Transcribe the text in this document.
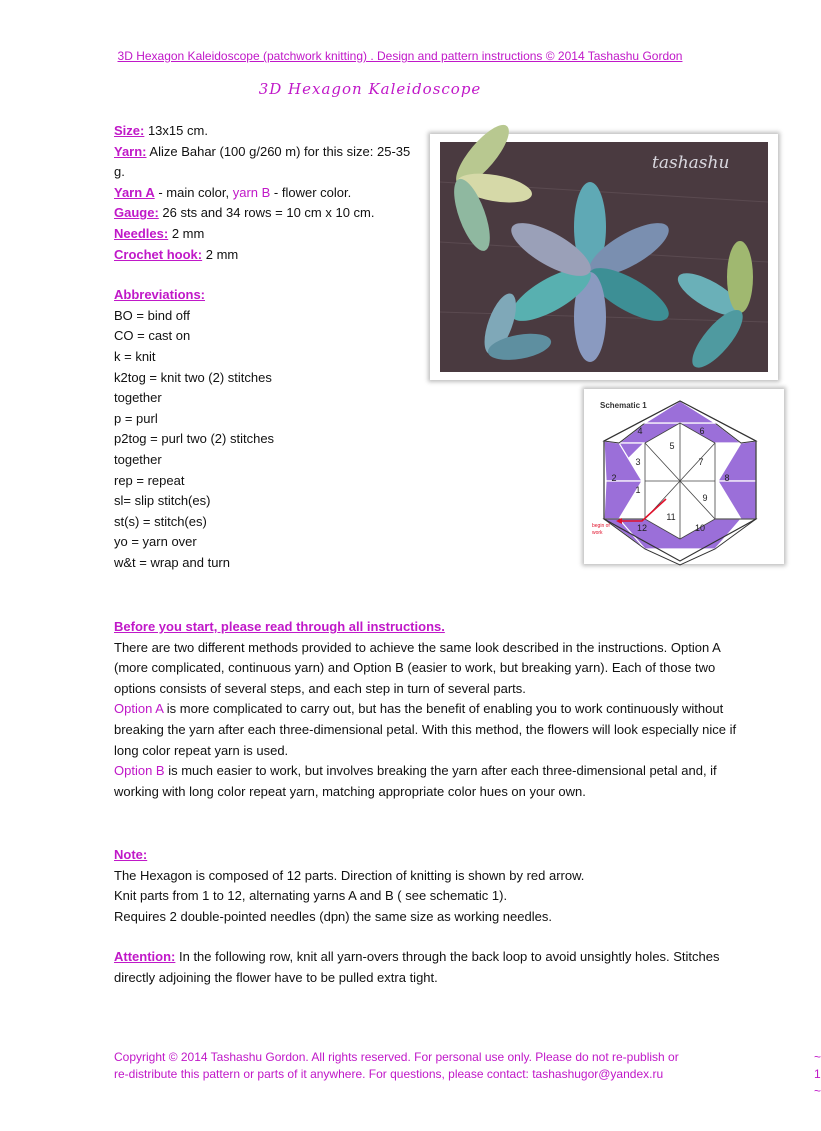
3D Hexagon Kaleidoscope (patchwork knitting) . Design and pattern instructions © 2014 Tashashu Gordon
3D Hexagon Kaleidoscope
Size: 13x15 cm.
Yarn: Alize Bahar (100 g/260 m) for this size: 25-35 g.
Yarn A - main color, yarn B - flower color.
Gauge: 26 sts and 34 rows = 10 cm x 10 cm.
Needles: 2 mm
Crochet hook: 2 mm
Abbreviations:
BO = bind off
CO = cast on
k = knit
k2tog = knit two (2) stitches together
p = purl
p2tog = purl two (2) stitches together
rep = repeat
sl= slip stitch(es)
st(s) = stitch(es)
yo = yarn over
w&t = wrap and turn
tashashu
Schematic 1
1
2
3
4
5
6
7
8
9
10
11
12
begin of
work
Before you start, please read through all instructions.
There are two different methods provided to achieve the same look described in the instructions. Option A (more complicated, continuous yarn) and Option B (easier to work, but breaking yarn). Each of those two options consists of several steps, and each step in turn of several parts.
Option A is more complicated to carry out, but has the benefit of enabling you to work continuously without breaking the yarn after each three-dimensional petal. With this method, the flowers will look especially nice if long color repeat yarn is used.
Option B is much easier to work, but involves breaking the yarn after each three-dimensional petal and, if working with long color repeat yarn, matching appropriate color hues on your own.
Note:
The Hexagon is composed of 12 parts. Direction of knitting is shown by red arrow.
Knit parts from 1 to 12, alternating yarns A and B ( see schematic 1).
Requires 2 double-pointed needles (dpn) the same size as working needles.
Attention: In the following row, knit all yarn-overs through the back loop to avoid unsightly holes. Stitches directly adjoining the flower have to be pulled extra tight.
Copyright © 2014 Tashashu Gordon. All rights reserved. For personal use only. Please do not re-publish or
re-distribute this pattern or parts of it anywhere. For questions, please contact: tashashugor@yandex.ru
~ 1 ~
